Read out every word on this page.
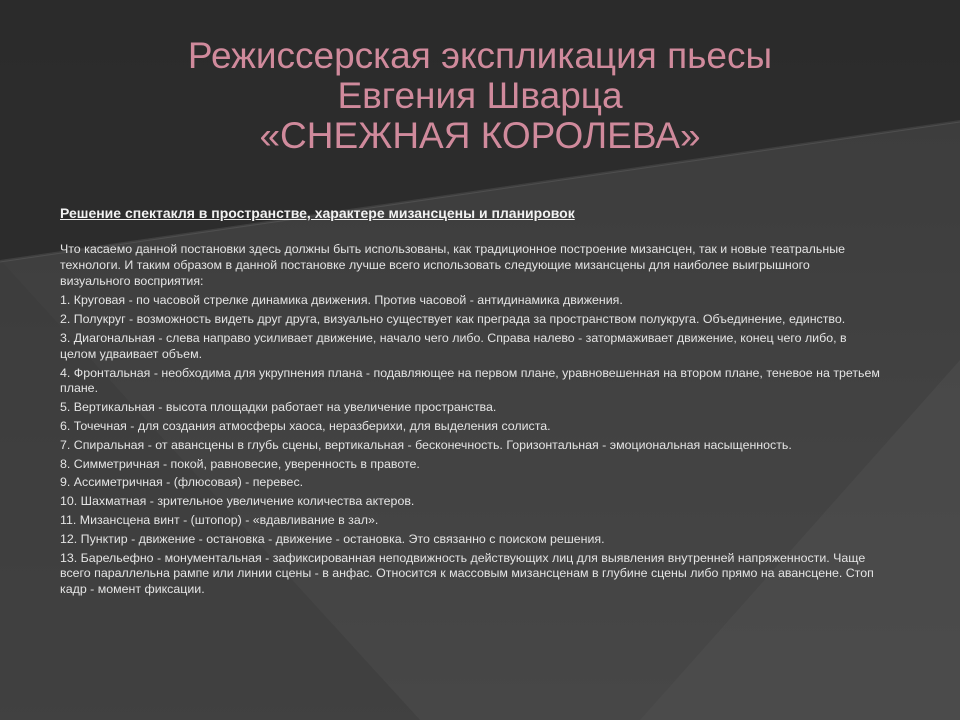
Режиссерская экспликация пьесы
Евгения Шварца
«СНЕЖНАЯ КОРОЛЕВА»
Решение спектакля в пространстве, характере мизансцены и планировок

Что касаемо данной постановки здесь должны быть использованы, как традиционное построение мизансцен, так и новые театральные технологи. И таким образом в данной постановке лучше всего использовать следующие мизансцены для наиболее выигрышного визуального восприятия:

1. Круговая - по часовой стрелке динамика движения. Против часовой - антидинамика движения.

2. Полукруг - возможность видеть друг друга, визуально существует как преграда за пространством полукруга. Объединение, единство.

3. Диагональная - слева направо усиливает движение, начало чего либо. Справа налево - затормаживает движение, конец чего либо, в целом удваивает объем.

4. Фронтальная - необходима для укрупнения плана - подавляющее на первом плане, уравновешенная на втором плане, теневое на третьем плане.

5. Вертикальная - высота площадки работает на увеличение пространства.

6. Точечная - для создания атмосферы хаоса, неразберихи, для выделения солиста.

7. Спиральная - от авансцены в глубь сцены, вертикальная - бесконечность. Горизонтальная - эмоциональная насыщенность.

8. Симметричная - покой, равновесие, уверенность в правоте.

9. Ассиметричная - (флюсовая) - перевес.

10. Шахматная - зрительное увеличение количества актеров.

11. Мизансцена винт - (штопор) - «вдавливание в зал».

12. Пунктир - движение - остановка - движение - остановка. Это связанно с поиском решения.

13. Барельефно - монументальная - зафиксированная неподвижность действующих лиц для выявления внутренней напряженности. Чаще всего параллельна рампе или линии сцены - в анфас. Относится к массовым мизансценам в глубине сцены либо прямо на авансцене. Стоп кадр - момент фиксации.
